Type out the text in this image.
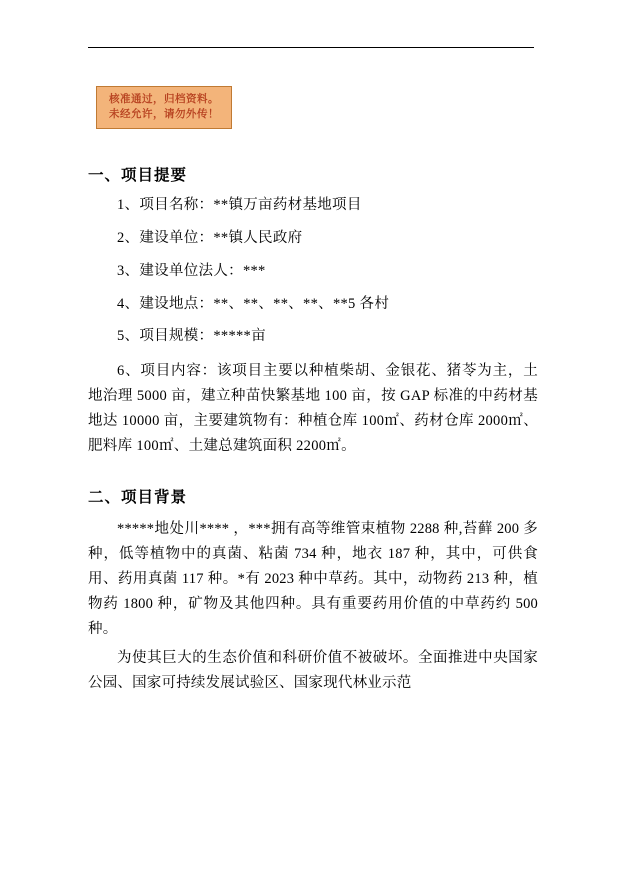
核准通过，归档资料。
未经允许，请勿外传！
一、项目提要

1、项目名称：**镇万亩药材基地项目

2、建设单位：**镇人民政府

3、建设单位法人：***

4、建设地点：**、**、**、**、**5 各村

5、项目规模：*****亩

6、项目内容：该项目主要以种植柴胡、金银花、猪苓为主，土地治理 5000 亩，建立种苗快繁基地 100 亩，按 GAP 标准的中药材基地达 10000 亩，主要建筑物有：种植仓库 100㎡、药材仓库 2000㎡、肥料库 100㎡、土建总建筑面积 2200㎡。

二、项目背景

*****地处川**** ，***拥有高等维管束植物 2288 种,苔藓 200 多种，低等植物中的真菌、粘菌 734 种，地衣 187 种，其中，可供食用、药用真菌 117 种。*有 2023 种中草药。其中，动物药 213 种，植物药 1800 种，矿物及其他四种。具有重要药用价值的中草药约 500 种。

为使其巨大的生态价值和科研价值不被破坏。全面推进中央国家公园、国家可持续发展试验区、国家现代林业示范
